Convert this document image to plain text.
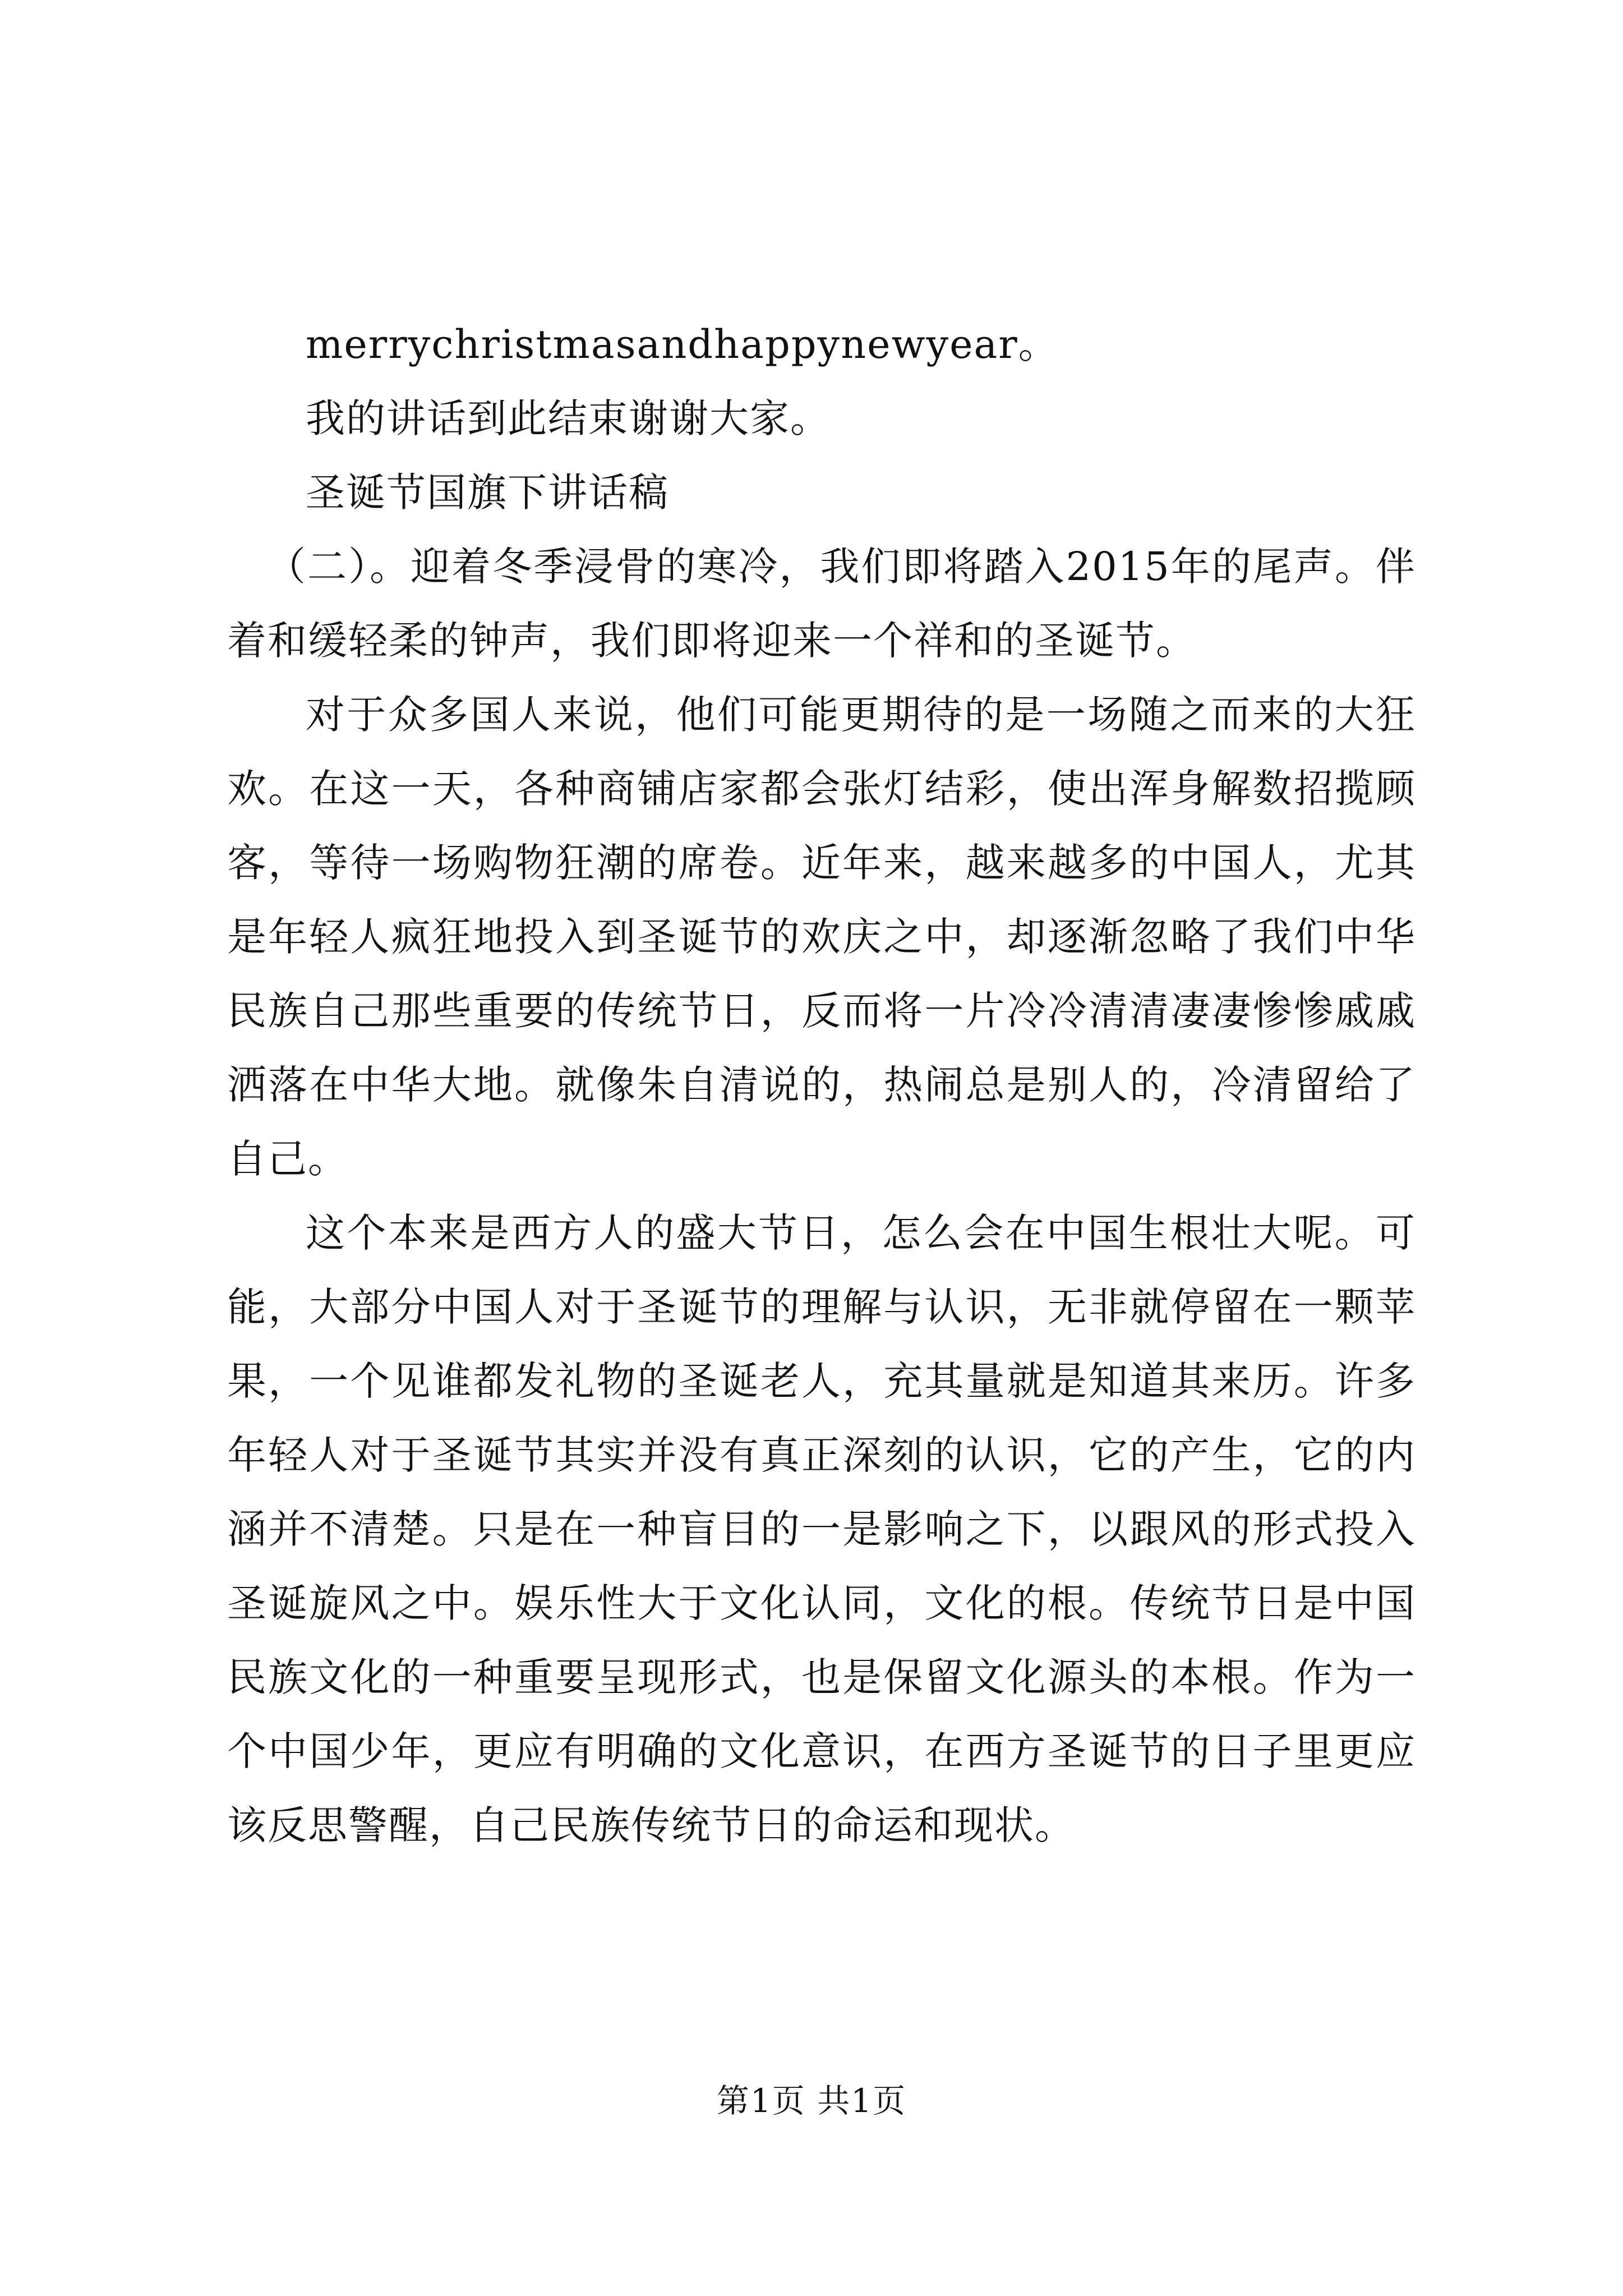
merrychristmasandhappynewyear。

我的讲话到此结束谢谢大家。

圣诞节国旗下讲话稿

（二）。迎着冬季浸骨的寒冷，我们即将踏入2015年的尾声。伴着和缓轻柔的钟声，我们即将迎来一个祥和的圣诞节。

对于众多国人来说，他们可能更期待的是一场随之而来的大狂欢。在这一天，各种商铺店家都会张灯结彩，使出浑身解数招揽顾客，等待一场购物狂潮的席卷。近年来，越来越多的中国人，尤其是年轻人疯狂地投入到圣诞节的欢庆之中，却逐渐忽略了我们中华民族自己那些重要的传统节日，反而将一片冷冷清清凄凄惨惨戚戚洒落在中华大地。就像朱自清说的，热闹总是别人的，冷清留给了自己。

这个本来是西方人的盛大节日，怎么会在中国生根壮大呢。可能，大部分中国人对于圣诞节的理解与认识，无非就停留在一颗苹果，一个见谁都发礼物的圣诞老人，充其量就是知道其来历。许多年轻人对于圣诞节其实并没有真正深刻的认识，它的产生，它的内涵并不清楚。只是在一种盲目的一是影响之下，以跟风的形式投入圣诞旋风之中。娱乐性大于文化认同，文化的根。传统节日是中国民族文化的一种重要呈现形式，也是保留文化源头的本根。作为一个中国少年，更应有明确的文化意识，在西方圣诞节的日子里更应该反思警醒，自己民族传统节日的命运和现状。

第1页 共1页
